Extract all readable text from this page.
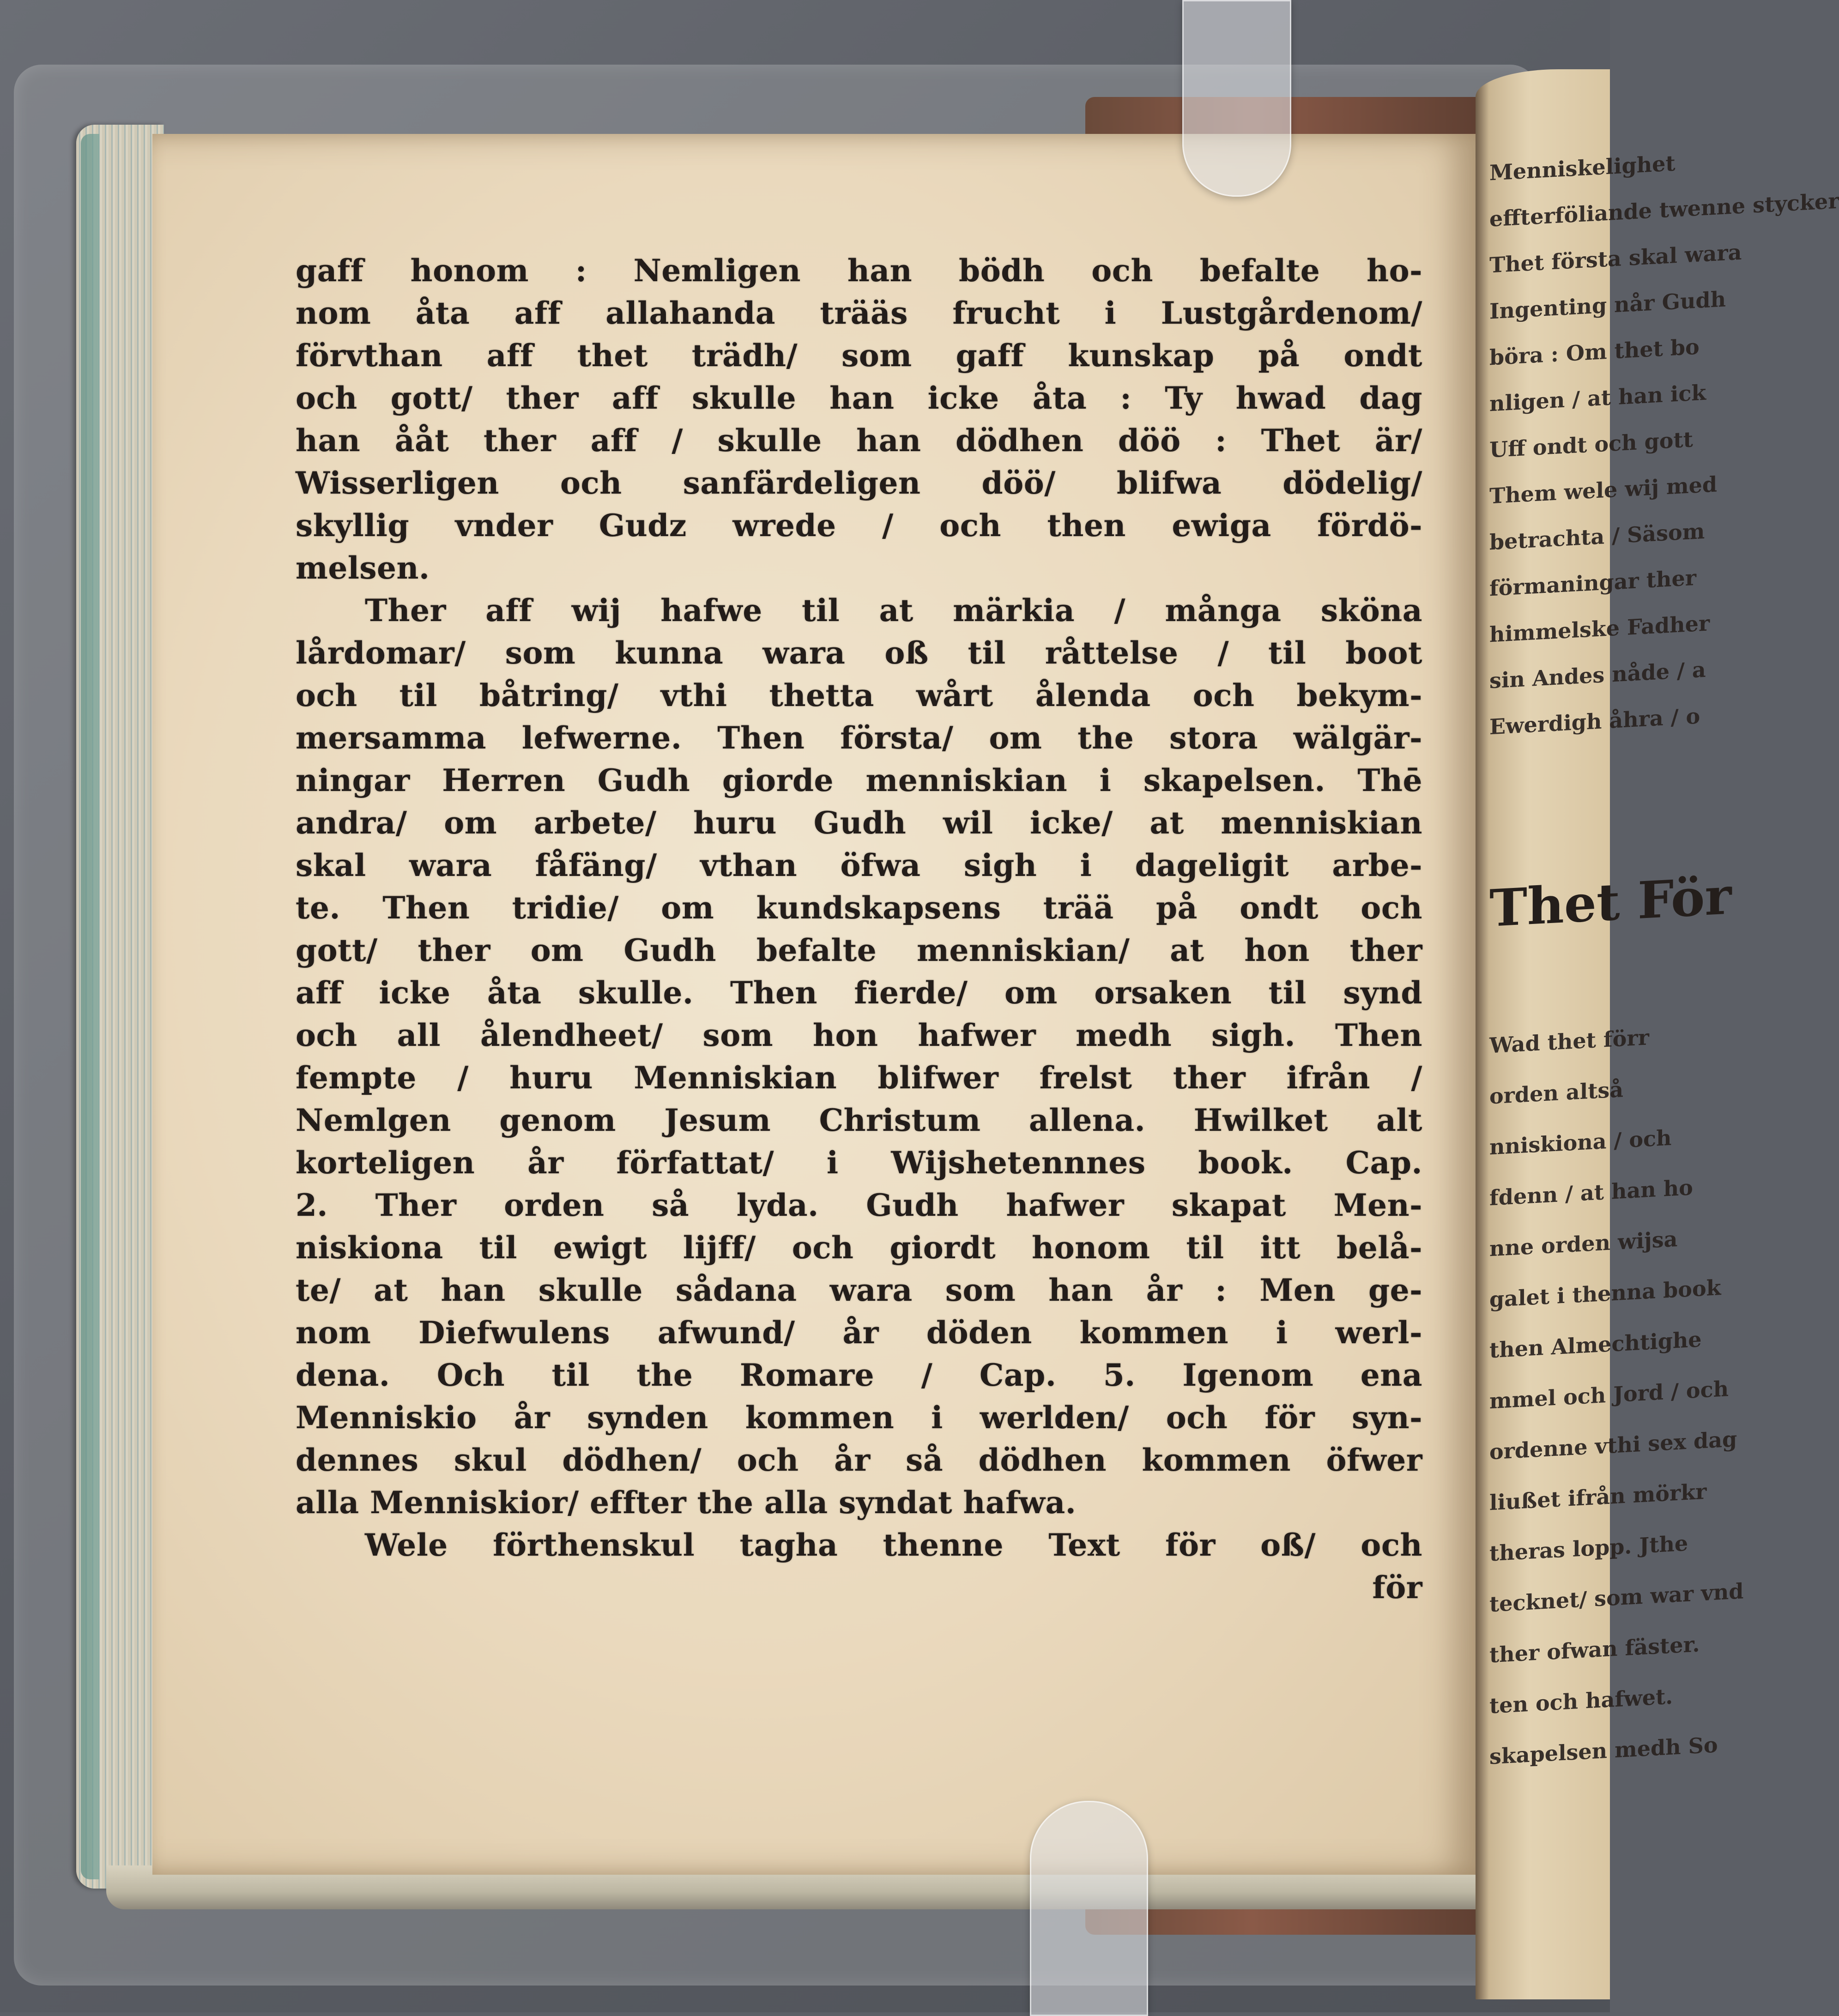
gaff honom : Nemligen han bödh och befalte ho-
nom åta aff allahanda trääs frucht i Lustgårdenom/
förvthan aff thet trädh/ som gaff kunskap på ondt
och gott/ ther aff skulle han icke åta : Ty hwad dag
han ååt ther aff / skulle han dödhen döö : Thet är/
Wisserligen och sanfärdeligen döö/ blifwa dödelig/
skyllig vnder Gudz wrede / och then ewiga fördö-
melsen.
Ther aff wij hafwe til at märkia / många sköna
lårdomar/ som kunna wara oß til råttelse / til boot
och til båtring/ vthi thetta wårt ålenda och bekym-
mersamma lefwerne. Then första/ om the stora wälgär-
ningar Herren Gudh giorde menniskian i skapelsen. Thē
andra/ om arbete/ huru Gudh wil icke/ at menniskian
skal wara fåfäng/ vthan öfwa sigh i dageligit arbe-
te. Then tridie/ om kundskapsens trää på ondt och
gott/ ther om Gudh befalte menniskian/ at hon ther
aff icke åta skulle. Then fierde/ om orsaken til synd
och all ålendheet/ som hon hafwer medh sigh. Then
fempte / huru Menniskian blifwer frelst ther ifrån /
Nemlgen genom Jesum Christum allena. Hwilket alt
korteligen år författat/ i Wijshetennnes book. Cap.
2. Ther orden så lyda. Gudh hafwer skapat Men-
niskiona til ewigt lijff/ och giordt honom til itt belå-
te/ at han skulle sådana wara som han år : Men ge-
nom Diefwulens afwund/ år döden kommen i werl-
dena. Och til the Romare / Cap. 5. Igenom ena
Menniskio år synden kommen i werlden/ och för syn-
dennes skul dödhen/ och år så dödhen kommen öfwer
alla Menniskior/ effter the alla syndat hafwa.
Wele förthenskul tagha thenne Text för oß/ och
för
Menniskelighet
effterföliande twenne stycker
Thet första skal wara
Ingenting når Gudh
böra : Om thet bo
nligen / at han ick
Uff ondt och gott
Them wele wij med
betrachta / Säsom
förmaningar ther
himmelske Fadher
sin Andes nåde / a
Ewerdigh åhra / o
Thet För
Wad thet förr
orden altså
nniskiona / och
fdenn / at han ho
nne orden wijsa
galet i thenna book
then Almechtighe
mmel och Jord / och
ordenne vthi sex dag
liußet ifrån mörkr
theras lopp. Jthe
tecknet/ som war vnd
ther ofwan fäster.
ten och hafwet.
skapelsen medh So
